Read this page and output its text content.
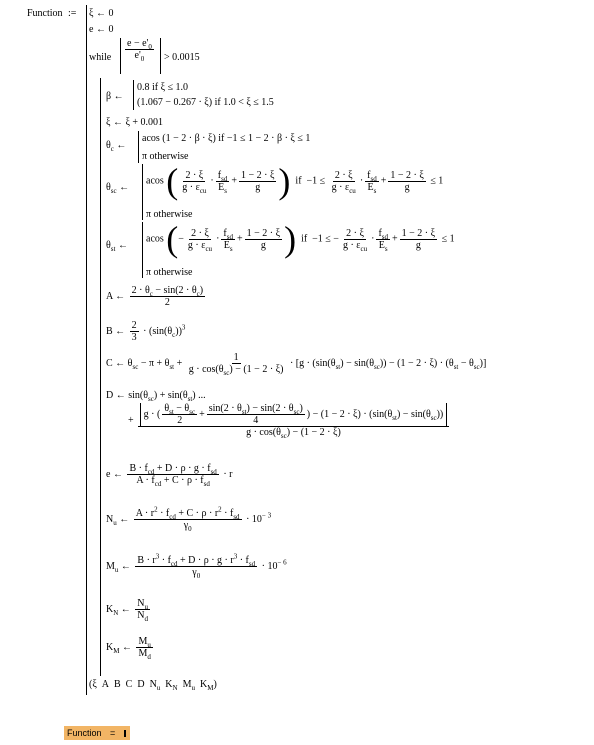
Function := ξ ← 0
e ← 0
while $\frac{e - e'_0}{e'_0} > 0.0015$
β ←
0.8 if ξ ≤ 1.0
(1.067 − 0.267 · ξ) if 1.0 < ξ ≤ 1.5
ξ ← ξ + 0.001
$\theta_c$ ←
acos (1 − 2 · β · ξ) if −1 ≤ 1 − 2 · β · ξ ≤ 1
π otherwise
$\theta_{sc}$ ←
acos ( $\frac{2 \cdot \xi}{g \cdot \varepsilon_{cu}} \cdot \frac{f_{sd}}{E_s} + \frac{1 - 2 \cdot \xi}{g}$ )  if  $-1 \le \frac{2 \cdot \xi}{g \cdot \varepsilon_{cu}} \cdot \frac{f_{sd}}{E_s} + \frac{1 - 2 \cdot \xi}{g} \le 1$
π otherwise
$\theta_{st}$ ←
acos (− $\frac{2 \cdot \xi}{g \cdot \varepsilon_{cu}} \cdot \frac{f_{sd}}{E_s} + \frac{1 - 2 \cdot \xi}{g}$ )  if  −1 ≤ − $\frac{2 \cdot \xi}{g \cdot \varepsilon_{cu}} \cdot \frac{f_{sd}}{E_s} + \frac{1 - 2 \cdot \xi}{g} \le 1$
π otherwise
A ← $\frac{2 \cdot \theta_c - \sin(2 \cdot \theta_c)}{2}$
B ← $\frac{2}{3} \cdot (\sin(\theta_c))^3$
C ← $\theta_{sc} - \pi + \theta_{st} + \frac{1}{g \cdot \cos(\theta_{sc}) - (1 - 2 \cdot \xi)} \cdot [g \cdot (\sin(\theta_{st}) - \sin(\theta_{sc})) - (1 - 2 \cdot \xi) \cdot (\theta_{st} - \theta_{sc})]$
D ← $\sin(\theta_{sc}) + \sin(\theta_{st})$ ...
+
g · ( $\frac{\theta_{st} - \theta_{sc}}{2} + \frac{\sin(2 \cdot \theta_{st}) - \sin(2 \cdot \theta_{sc})}{4}$ ) − $(1 - 2 \cdot \xi) \cdot (\sin(\theta_{st}) - \sin(\theta_{sc}))$
$g \cdot \cos(\theta_{sc}) - (1 - 2 \cdot \xi)$
e ← $\frac{B \cdot f_{cd} + D \cdot \rho \cdot g \cdot f_{sd}}{A \cdot f_{cd} + C \cdot \rho \cdot f_{sd}} \cdot r$
$N_u$ ← $\frac{A \cdot r^2 \cdot f_{cd} + C \cdot \rho \cdot r^2 \cdot f_{sd}}{\gamma_0} \cdot 10^{- 3}$
$M_u$ ← $\frac{B \cdot r^3 \cdot f_{cd} + D \cdot \rho \cdot g \cdot r^3 \cdot f_{sd}}{\gamma_0} \cdot 10^{- 6}$
$K_N$ ← $\frac{N_u}{N_d}$
$K_M$ ← $\frac{M_u}{M_d}$
(ξ  A  B  C  D  $N_u$  $K_N$  $M_u$  $K_M$)
Function =
